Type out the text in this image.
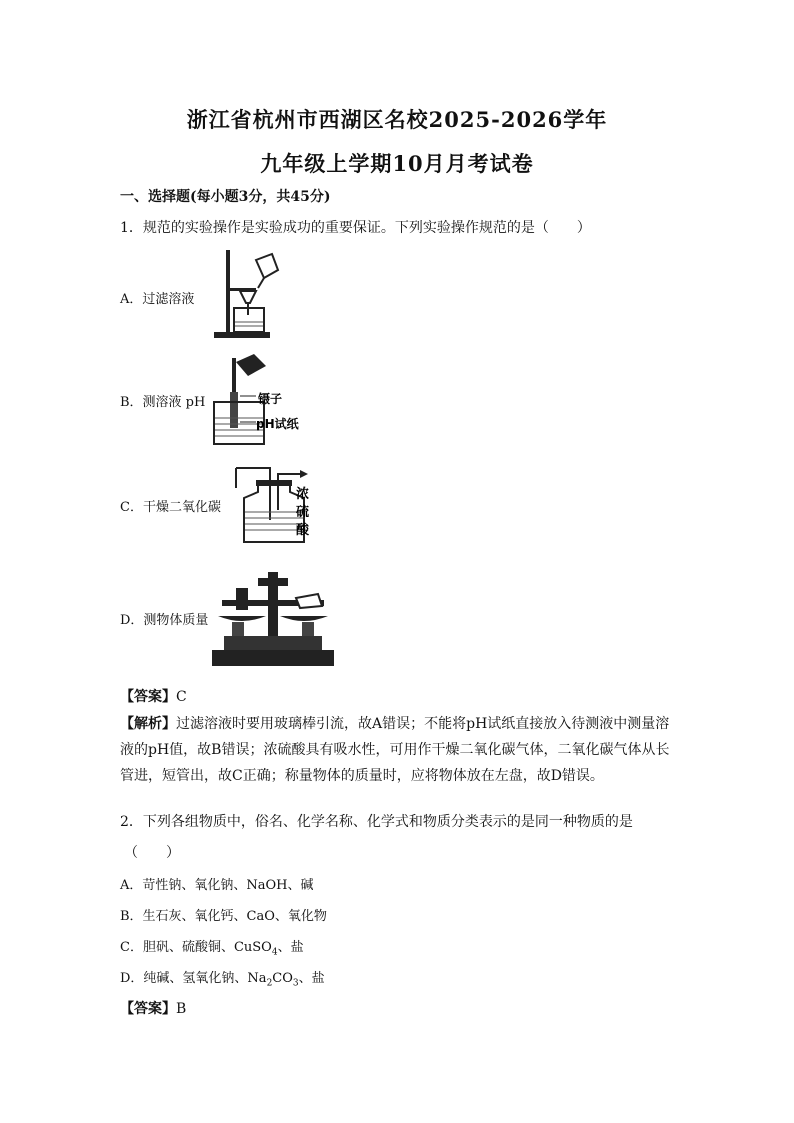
浙江省杭州市西湖区名校2025-2026学年
九年级上学期10月月考试卷
一、选择题(每小题3分，共45分)
1．规范的实验操作是实验成功的重要保证。下列实验操作规范的是（　　）
A．过滤溶液
B．测溶液 pH	镊子
pH试纸
C．干燥二氧化碳
浓
硫
酸
D．测物体质量
【答案】C
【解析】过滤溶液时要用玻璃棒引流，故A错误；不能将pH试纸直接放入待测液中测量溶液的pH值，故B错误；浓硫酸具有吸水性，可用作干燥二氧化碳气体，二氧化碳气体从长管进，短管出，故C正确；称量物体的质量时，应将物体放在左盘，故D错误。
2．下列各组物质中，俗名、化学名称、化学式和物质分类表示的是同一种物质的是
（　　）
A．苛性钠、氧化钠、NaOH、碱
B．生石灰、氧化钙、CaO、氧化物
C．胆矾、硫酸铜、CuSO$_4$、盐
D．纯碱、氢氧化钠、$Na_2CO_3$、盐
【答案】B
